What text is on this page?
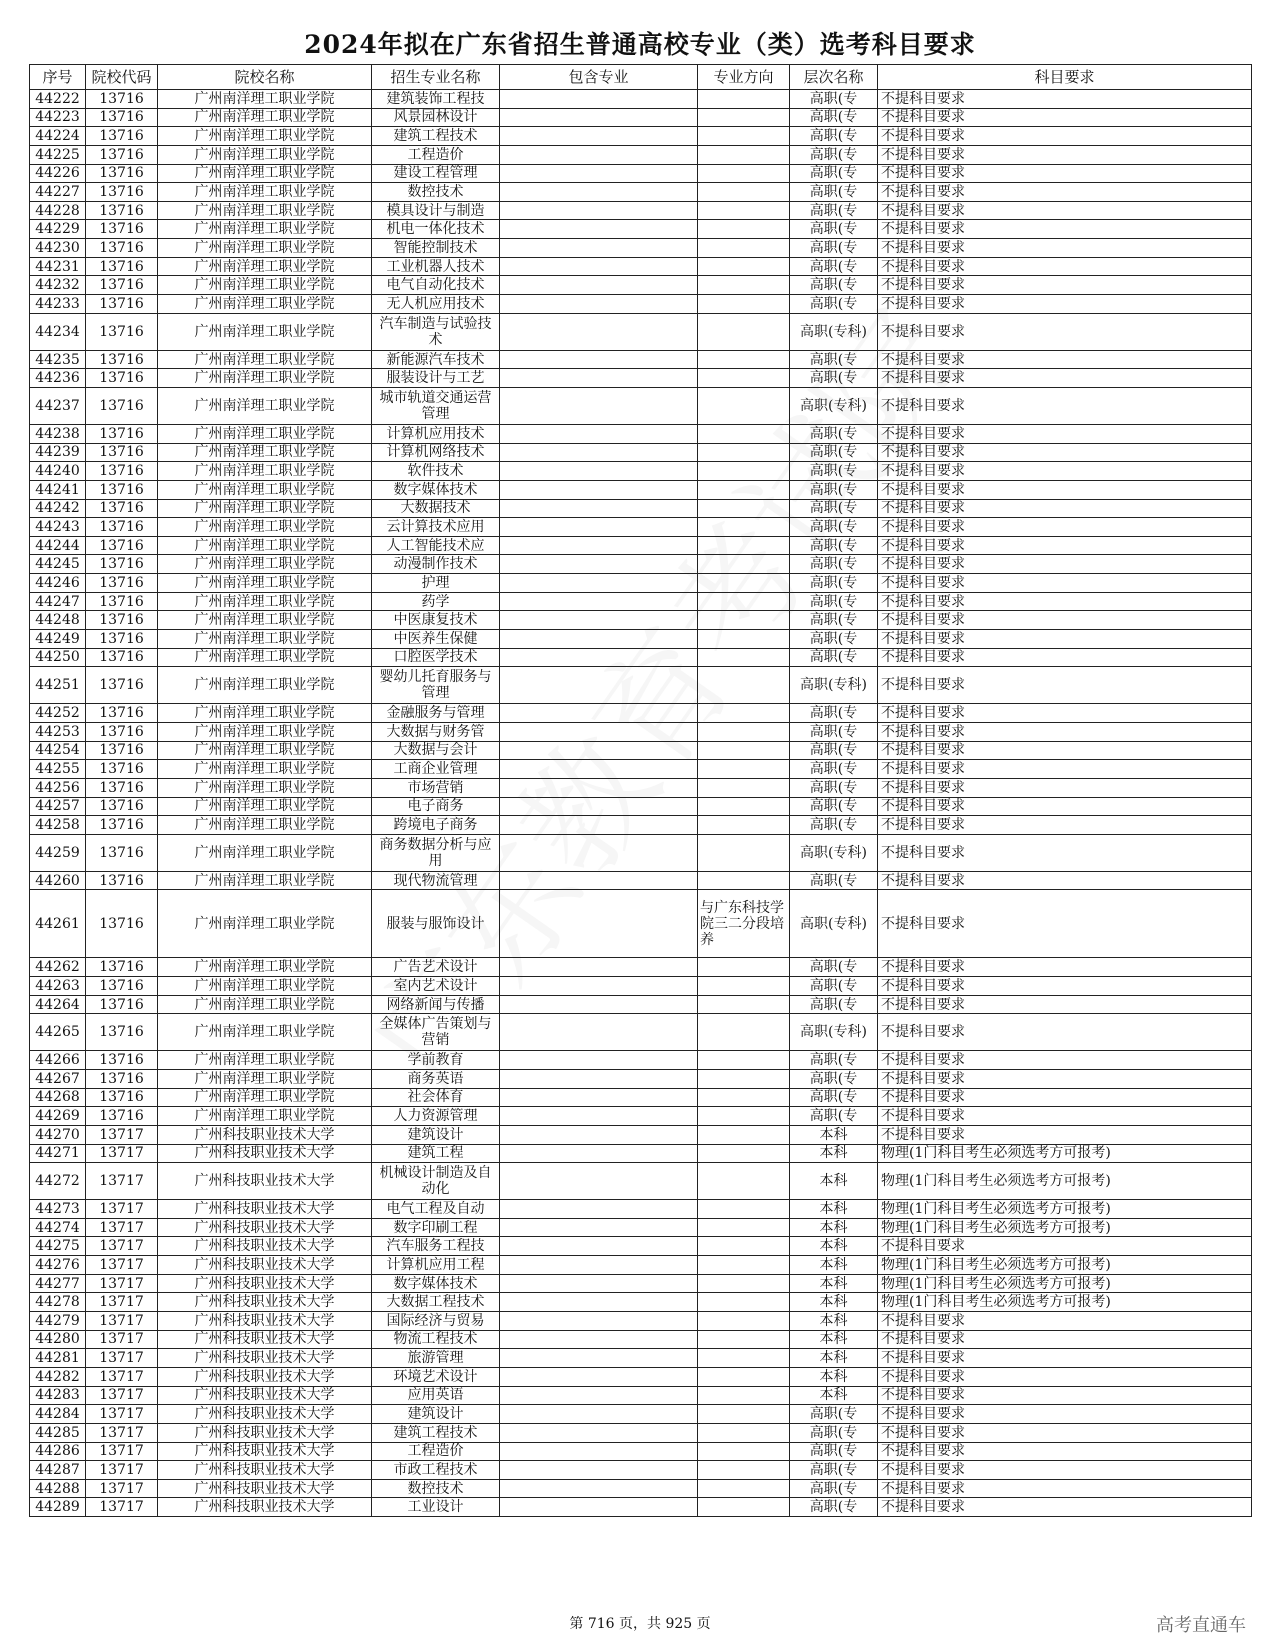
2024年拟在广东省招生普通高校专业（类）选考科目要求
序号	院校代码	院校名称	招生专业名称	包含专业	专业方向	层次名称	科目要求
44222	13716	广州南洋理工职业学院	建筑装饰工程技			高职(专	不提科目要求
44223	13716	广州南洋理工职业学院	风景园林设计			高职(专	不提科目要求
44224	13716	广州南洋理工职业学院	建筑工程技术			高职(专	不提科目要求
44225	13716	广州南洋理工职业学院	工程造价			高职(专	不提科目要求
44226	13716	广州南洋理工职业学院	建设工程管理			高职(专	不提科目要求
44227	13716	广州南洋理工职业学院	数控技术			高职(专	不提科目要求
44228	13716	广州南洋理工职业学院	模具设计与制造			高职(专	不提科目要求
44229	13716	广州南洋理工职业学院	机电一体化技术			高职(专	不提科目要求
44230	13716	广州南洋理工职业学院	智能控制技术			高职(专	不提科目要求
44231	13716	广州南洋理工职业学院	工业机器人技术			高职(专	不提科目要求
44232	13716	广州南洋理工职业学院	电气自动化技术			高职(专	不提科目要求
44233	13716	广州南洋理工职业学院	无人机应用技术			高职(专	不提科目要求
44234	13716	广州南洋理工职业学院	汽车制造与试验技术			高职(专科)	不提科目要求
44235	13716	广州南洋理工职业学院	新能源汽车技术			高职(专	不提科目要求
44236	13716	广州南洋理工职业学院	服装设计与工艺			高职(专	不提科目要求
44237	13716	广州南洋理工职业学院	城市轨道交通运营管理			高职(专科)	不提科目要求
44238	13716	广州南洋理工职业学院	计算机应用技术			高职(专	不提科目要求
44239	13716	广州南洋理工职业学院	计算机网络技术			高职(专	不提科目要求
44240	13716	广州南洋理工职业学院	软件技术			高职(专	不提科目要求
44241	13716	广州南洋理工职业学院	数字媒体技术			高职(专	不提科目要求
44242	13716	广州南洋理工职业学院	大数据技术			高职(专	不提科目要求
44243	13716	广州南洋理工职业学院	云计算技术应用			高职(专	不提科目要求
44244	13716	广州南洋理工职业学院	人工智能技术应			高职(专	不提科目要求
44245	13716	广州南洋理工职业学院	动漫制作技术			高职(专	不提科目要求
44246	13716	广州南洋理工职业学院	护理			高职(专	不提科目要求
44247	13716	广州南洋理工职业学院	药学			高职(专	不提科目要求
44248	13716	广州南洋理工职业学院	中医康复技术			高职(专	不提科目要求
44249	13716	广州南洋理工职业学院	中医养生保健			高职(专	不提科目要求
44250	13716	广州南洋理工职业学院	口腔医学技术			高职(专	不提科目要求
44251	13716	广州南洋理工职业学院	婴幼儿托育服务与管理			高职(专科)	不提科目要求
44252	13716	广州南洋理工职业学院	金融服务与管理			高职(专	不提科目要求
44253	13716	广州南洋理工职业学院	大数据与财务管			高职(专	不提科目要求
44254	13716	广州南洋理工职业学院	大数据与会计			高职(专	不提科目要求
44255	13716	广州南洋理工职业学院	工商企业管理			高职(专	不提科目要求
44256	13716	广州南洋理工职业学院	市场营销			高职(专	不提科目要求
44257	13716	广州南洋理工职业学院	电子商务			高职(专	不提科目要求
44258	13716	广州南洋理工职业学院	跨境电子商务			高职(专	不提科目要求
44259	13716	广州南洋理工职业学院	商务数据分析与应用			高职(专科)	不提科目要求
44260	13716	广州南洋理工职业学院	现代物流管理			高职(专	不提科目要求
44261	13716	广州南洋理工职业学院	服装与服饰设计		与广东科技学院三二分段培养	高职(专科)	不提科目要求
44262	13716	广州南洋理工职业学院	广告艺术设计			高职(专	不提科目要求
44263	13716	广州南洋理工职业学院	室内艺术设计			高职(专	不提科目要求
44264	13716	广州南洋理工职业学院	网络新闻与传播			高职(专	不提科目要求
44265	13716	广州南洋理工职业学院	全媒体广告策划与营销			高职(专科)	不提科目要求
44266	13716	广州南洋理工职业学院	学前教育			高职(专	不提科目要求
44267	13716	广州南洋理工职业学院	商务英语			高职(专	不提科目要求
44268	13716	广州南洋理工职业学院	社会体育			高职(专	不提科目要求
44269	13716	广州南洋理工职业学院	人力资源管理			高职(专	不提科目要求
44270	13717	广州科技职业技术大学	建筑设计			本科	不提科目要求
44271	13717	广州科技职业技术大学	建筑工程			本科	物理(1门科目考生必须选考方可报考)
44272	13717	广州科技职业技术大学	机械设计制造及自动化			本科	物理(1门科目考生必须选考方可报考)
44273	13717	广州科技职业技术大学	电气工程及自动			本科	物理(1门科目考生必须选考方可报考)
44274	13717	广州科技职业技术大学	数字印刷工程			本科	物理(1门科目考生必须选考方可报考)
44275	13717	广州科技职业技术大学	汽车服务工程技			本科	不提科目要求
44276	13717	广州科技职业技术大学	计算机应用工程			本科	物理(1门科目考生必须选考方可报考)
44277	13717	广州科技职业技术大学	数字媒体技术			本科	物理(1门科目考生必须选考方可报考)
44278	13717	广州科技职业技术大学	大数据工程技术			本科	物理(1门科目考生必须选考方可报考)
44279	13717	广州科技职业技术大学	国际经济与贸易			本科	不提科目要求
44280	13717	广州科技职业技术大学	物流工程技术			本科	不提科目要求
44281	13717	广州科技职业技术大学	旅游管理			本科	不提科目要求
44282	13717	广州科技职业技术大学	环境艺术设计			本科	不提科目要求
44283	13717	广州科技职业技术大学	应用英语			本科	不提科目要求
44284	13717	广州科技职业技术大学	建筑设计			高职(专	不提科目要求
44285	13717	广州科技职业技术大学	建筑工程技术			高职(专	不提科目要求
44286	13717	广州科技职业技术大学	工程造价			高职(专	不提科目要求
44287	13717	广州科技职业技术大学	市政工程技术			高职(专	不提科目要求
44288	13717	广州科技职业技术大学	数控技术			高职(专	不提科目要求
44289	13717	广州科技职业技术大学	工业设计			高职(专	不提科目要求
第 716 页，共 925 页	高考直通车
